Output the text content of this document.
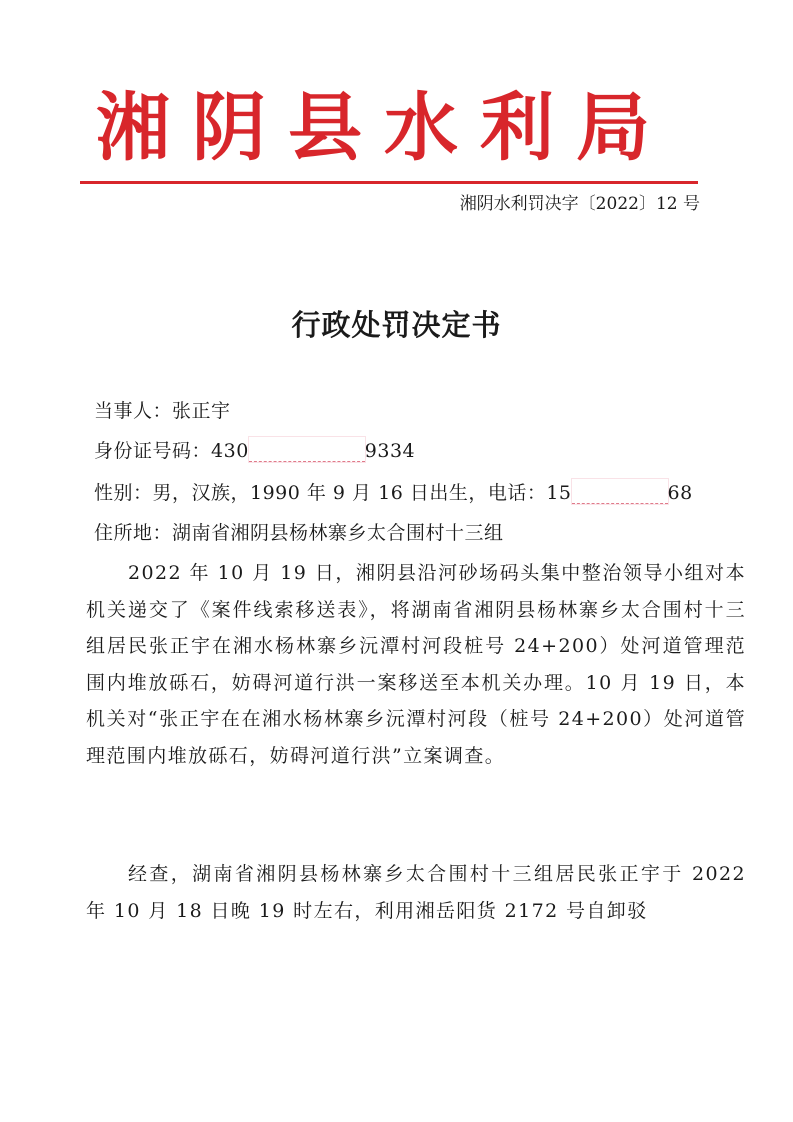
湘阴县水利局
湘阴水利罚决字〔2022〕12 号
行政处罚决定书
当事人：张正宇
身份证号码：430	9334
性别：男，汉族，1990 年 9 月 16 日出生，电话：15	68
住所地：湖南省湘阴县杨林寨乡太合围村十三组
2022 年 10 月 19 日，湘阴县沿河砂场码头集中整治领导小组对本机关递交了《案件线索移送表》，将湖南省湘阴县杨林寨乡太合围村十三组居民张正宇在湘水杨林寨乡沅潭村河段桩号 24+200）处河道管理范围内堆放砾石，妨碍河道行洪一案移送至本机关办理。10 月 19 日，本机关对“张正宇在在湘水杨林寨乡沅潭村河段（桩号 24+200）处河道管理范围内堆放砾石，妨碍河道行洪”立案调查。
经查，湖南省湘阴县杨林寨乡太合围村十三组居民张正宇于 2022 年 10 月 18 日晚 19 时左右，利用湘岳阳货 2172 号自卸驳
